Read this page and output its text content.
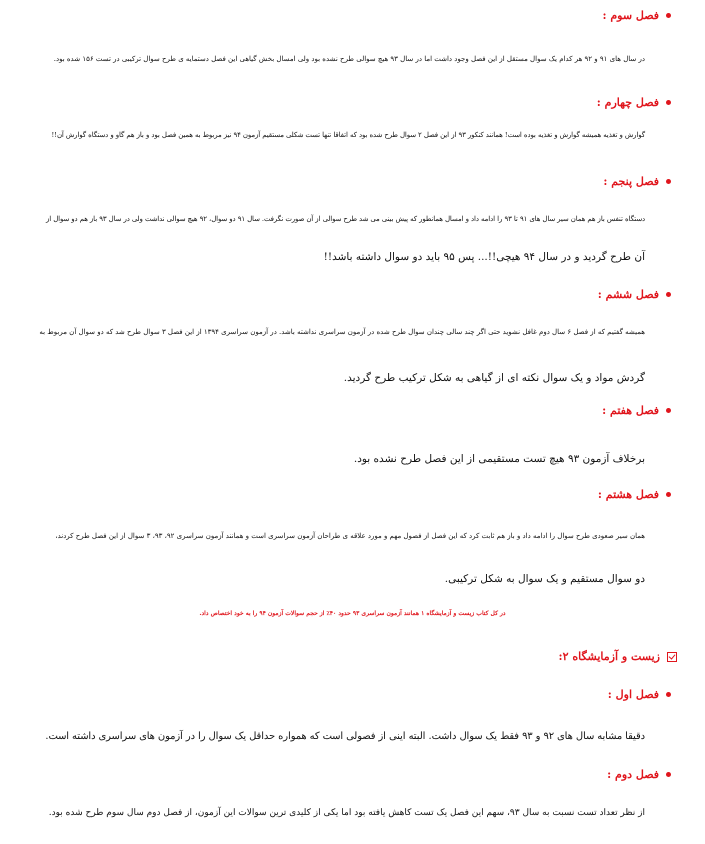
فصل سوم :
در سال های ۹۱ و ۹۲ هر کدام یک سوال مستقل از این فصل وجود داشت اما در سال ۹۳ هیچ سوالی طرح نشده بود ولی امسال بخش گیاهی این فصل دستمایه ی طرح سوال ترکیبی در تست ۱۵۶ شده بود.
فصل چهارم :
گوارش و تغذیه همیشه گوارش و تغذیه بوده است! همانند کنکور ۹۳ از این فصل ۲ سوال طرح شده بود که اتفاقا تنها تست شکلی مستقیم آزمون ۹۴ نیز مربوط به همین فصل بود و باز هم گاو و دستگاه گوارش آن!!
فصل پنجم :
دستگاه تنفس باز هم همان سیر سال های ۹۱ تا ۹۳ را ادامه داد و امسال همانطور که پیش بینی می شد طرح سوالی از آن صورت نگرفت. سال ۹۱ دو سوال، ۹۲ هیچ سوالی نداشت ولی در سال ۹۳ باز هم دو سوال از
آن طرح گردید و در سال ۹۴ هیچی!!... پس ۹۵ باید دو سوال داشته باشد!!
فصل ششم :
همیشه گفتیم که از فصل ۶ سال دوم غافل نشوید حتی اگر چند سالی چندان سوال طرح شده در آزمون سراسری نداشته باشد. در آزمون سراسری ۱۳۹۴ از این فصل ۳ سوال طرح شد که دو سوال آن مربوط به
گردش مواد و یک سوال نکته ای از گیاهی به شکل ترکیب طرح گردید.
فصل هفتم :
برخلاف آزمون ۹۳ هیچ تست مستقیمی از این فصل طرح نشده بود.
فصل هشتم :
همان سیر صعودی طرح سوال را ادامه داد و باز هم ثابت کرد که این فصل از فصول مهم و مورد علاقه ی طراحان آزمون سراسری است و همانند آزمون سراسری ۹۲، ۹۳، ۳ سوال از این فصل طرح کردند،
دو سوال مستقیم و یک سوال به شکل ترکیبی.
در کل کتاب زیست و آزمایشگاه ۱ همانند آزمون سراسری ۹۳ حدود ۴۰٪ از حجم سوالات آزمون ۹۴ را به خود اختصاص داد.
زیست و آزمایشگاه ۲:
فصل اول :
دقیقا مشابه سال های ۹۲ و ۹۳ فقط یک سوال داشت. البته اینی از فصولی است که همواره حداقل یک سوال را در آزمون های سراسری داشته است.
فصل دوم :
از نظر تعداد تست نسبت به سال ۹۳، سهم این فصل یک تست کاهش یافته بود اما یکی از کلیدی ترین سوالات این آزمون، از فصل دوم سال سوم طرح شده بود.
